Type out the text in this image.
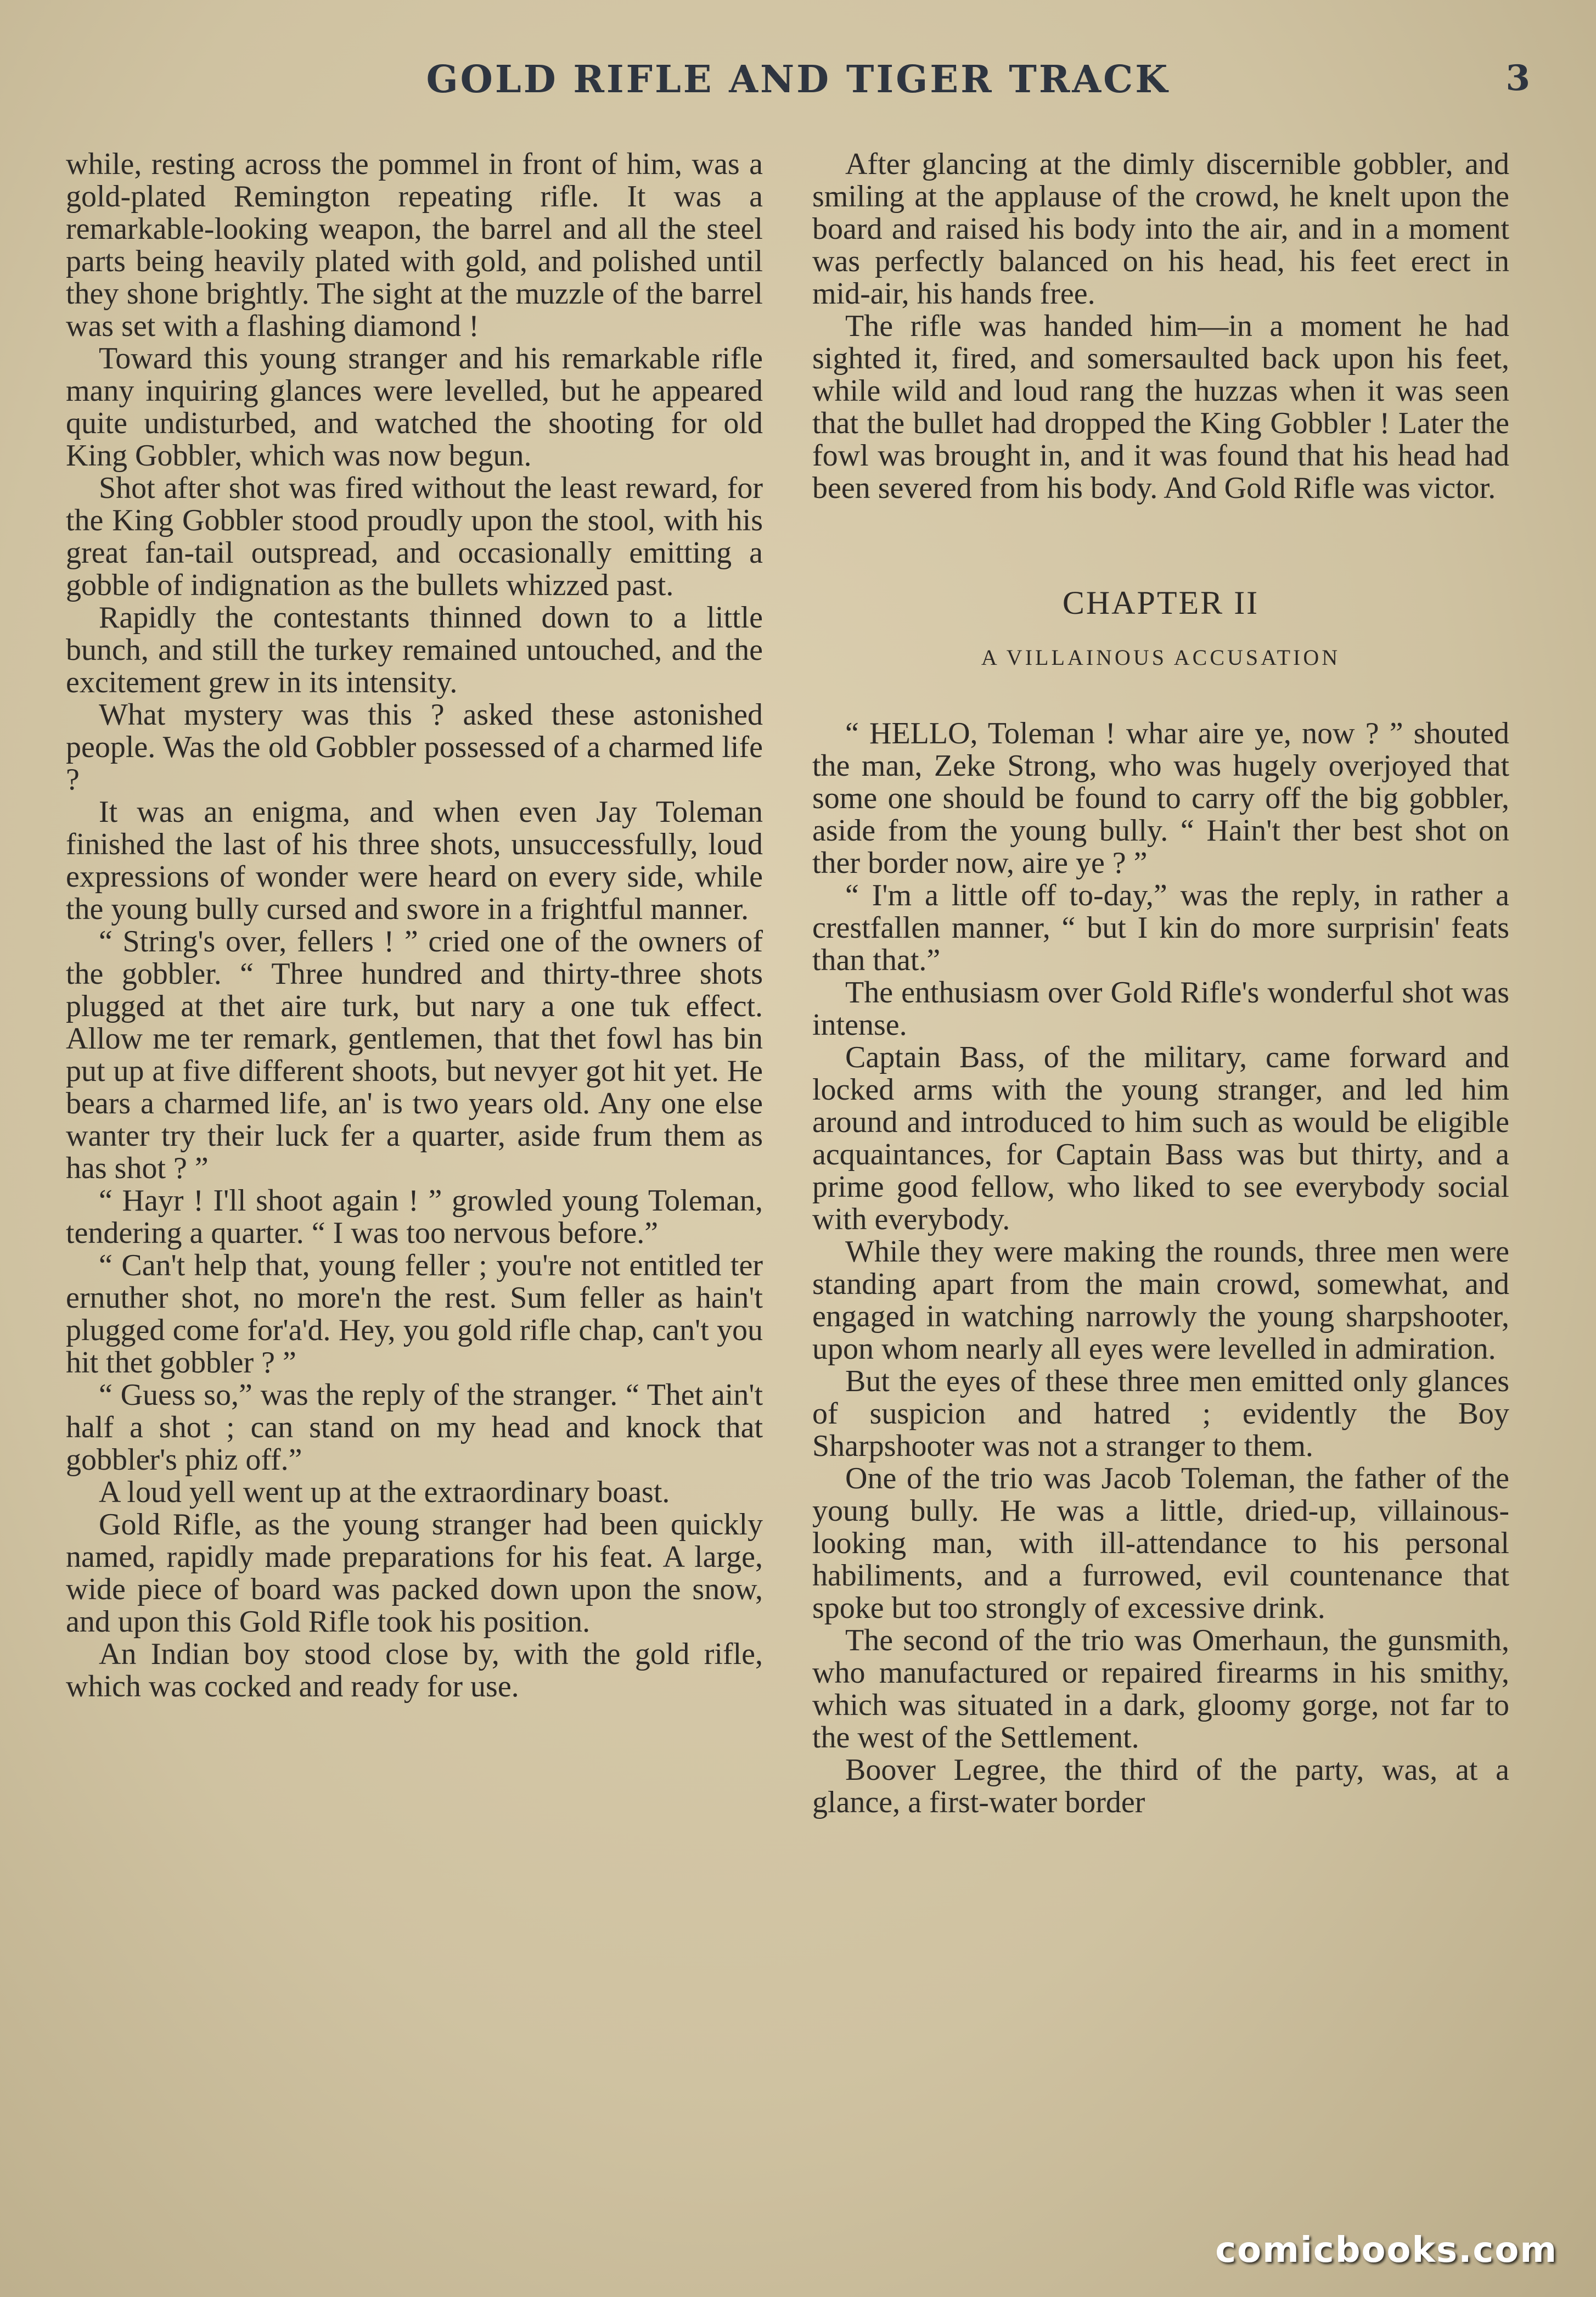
GOLD RIFLE AND TIGER TRACK	3

while, resting across the pommel in front of him, was a gold-plated Remington repeating rifle. It was a remarkable-looking weapon, the barrel and all the steel parts being heavily plated with gold, and polished until they shone brightly. The sight at the muzzle of the barrel was set with a flashing diamond !

Toward this young stranger and his remarkable rifle many inquiring glances were levelled, but he appeared quite undisturbed, and watched the shooting for old King Gobbler, which was now begun.

Shot after shot was fired without the least reward, for the King Gobbler stood proudly upon the stool, with his great fan-tail outspread, and occasionally emitting a gobble of indignation as the bullets whizzed past.

Rapidly the contestants thinned down to a little bunch, and still the turkey remained untouched, and the excitement grew in its intensity.

What mystery was this ? asked these astonished people. Was the old Gobbler possessed of a charmed life ?

It was an enigma, and when even Jay Toleman finished the last of his three shots, unsuccessfully, loud expressions of wonder were heard on every side, while the young bully cursed and swore in a frightful manner.

“ String's over, fellers ! ” cried one of the owners of the gobbler. “ Three hundred and thirty-three shots plugged at thet aire turk, but nary a one tuk effect. Allow me ter remark, gentlemen, that thet fowl has bin put up at five different shoots, but nevyer got hit yet. He bears a charmed life, an' is two years old. Any one else wanter try their luck fer a quarter, aside frum them as has shot ? ”

“ Hayr ! I'll shoot again ! ” growled young Toleman, tendering a quarter. “ I was too nervous before.”

“ Can't help that, young feller ; you're not entitled ter ernuther shot, no more'n the rest. Sum feller as hain't plugged come for'a'd. Hey, you gold rifle chap, can't you hit thet gobbler ? ”

“ Guess so,” was the reply of the stranger. “ Thet ain't half a shot ; can stand on my head and knock that gobbler's phiz off.”

A loud yell went up at the extraordinary boast.

Gold Rifle, as the young stranger had been quickly named, rapidly made preparations for his feat. A large, wide piece of board was packed down upon the snow, and upon this Gold Rifle took his position.

An Indian boy stood close by, with the gold rifle, which was cocked and ready for use.

After glancing at the dimly discernible gobbler, and smiling at the applause of the crowd, he knelt upon the board and raised his body into the air, and in a moment was perfectly balanced on his head, his feet erect in mid-air, his hands free.

The rifle was handed him—in a moment he had sighted it, fired, and somersaulted back upon his feet, while wild and loud rang the huzzas when it was seen that the bullet had dropped the King Gobbler ! Later the fowl was brought in, and it was found that his head had been severed from his body. And Gold Rifle was victor.

CHAPTER II
A VILLAINOUS ACCUSATION

“ HELLO, Toleman ! whar aire ye, now ? ” shouted the man, Zeke Strong, who was hugely overjoyed that some one should be found to carry off the big gobbler, aside from the young bully. “ Hain't ther best shot on ther border now, aire ye ? ”

“ I'm a little off to-day,” was the reply, in rather a crestfallen manner, “ but I kin do more surprisin' feats than that.”

The enthusiasm over Gold Rifle's wonderful shot was intense.

Captain Bass, of the military, came forward and locked arms with the young stranger, and led him around and introduced to him such as would be eligible acquaintances, for Captain Bass was but thirty, and a prime good fellow, who liked to see everybody social with everybody.

While they were making the rounds, three men were standing apart from the main crowd, somewhat, and engaged in watching narrowly the young sharpshooter, upon whom nearly all eyes were levelled in admiration.

But the eyes of these three men emitted only glances of suspicion and hatred ; evidently the Boy Sharpshooter was not a stranger to them.

One of the trio was Jacob Toleman, the father of the young bully. He was a little, dried-up, villainous-looking man, with ill-attendance to his personal habiliments, and a furrowed, evil countenance that spoke but too strongly of excessive drink.

The second of the trio was Omerhaun, the gunsmith, who manufactured or repaired firearms in his smithy, which was situated in a dark, gloomy gorge, not far to the west of the Settlement.

Boover Legree, the third of the party, was, at a glance, a first-water border

comicbooks.com
